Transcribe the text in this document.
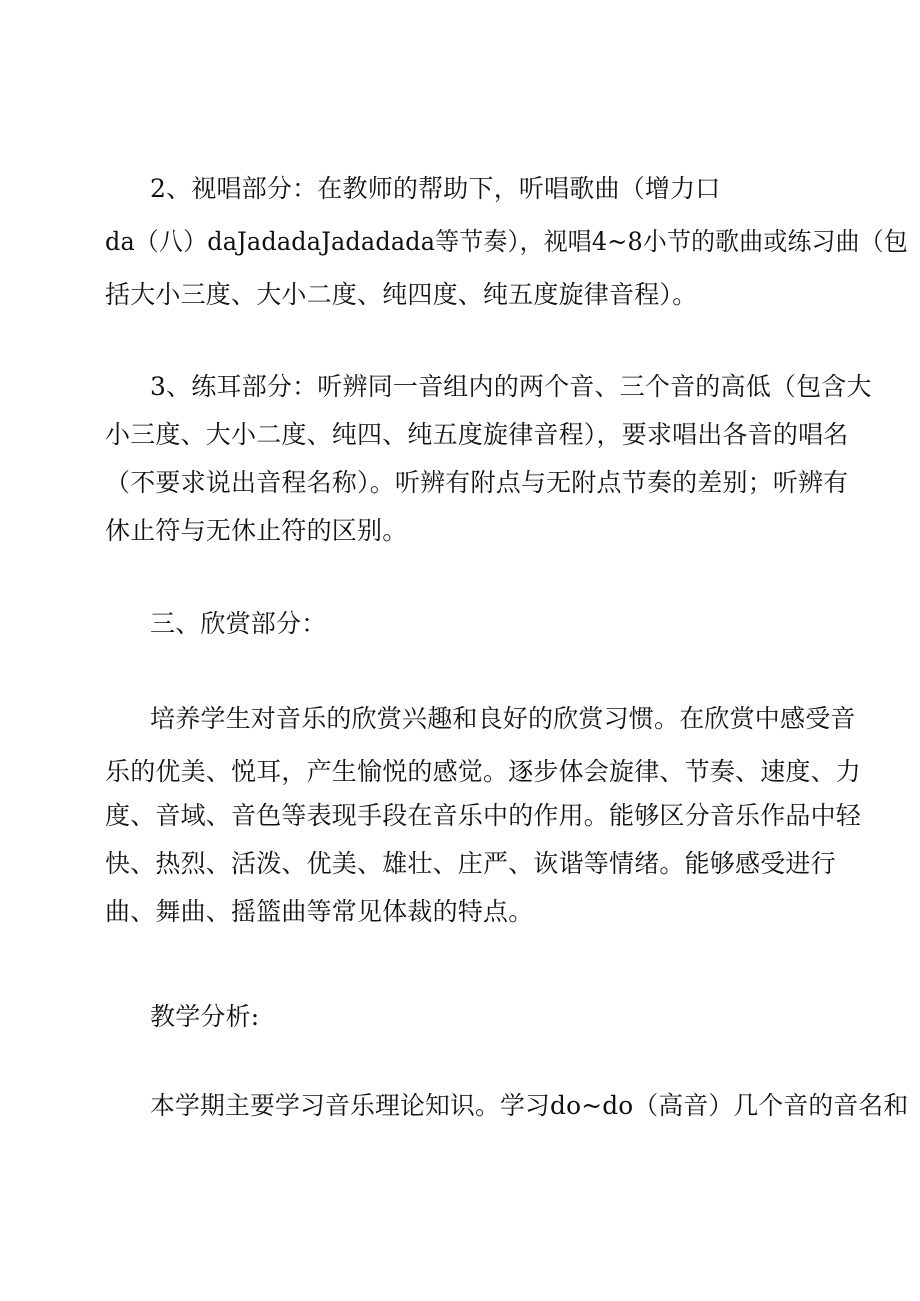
2、视唱部分：在教师的帮助下，听唱歌曲（增力口
da（八）daJadadaJadadada等节奏），视唱4~8小节的歌曲或练习曲（包
括大小三度、大小二度、纯四度、纯五度旋律音程）。
3、练耳部分：听辨同一音组内的两个音、三个音的高低（包含大
小三度、大小二度、纯四、纯五度旋律音程），要求唱出各音的唱名
（不要求说出音程名称）。听辨有附点与无附点节奏的差别；听辨有
休止符与无休止符的区别。
三、欣赏部分：
培养学生对音乐的欣赏兴趣和良好的欣赏习惯。在欣赏中感受音
乐的优美、悦耳，产生愉悦的感觉。逐步体会旋律、节奏、速度、力
度、音域、音色等表现手段在音乐中的作用。能够区分音乐作品中轻
快、热烈、活泼、优美、雄壮、庄严、诙谐等情绪。能够感受进行
曲、舞曲、摇篮曲等常见体裁的特点。
教学分析:
本学期主要学习音乐理论知识。学习do~do（高音）几个音的音名和
